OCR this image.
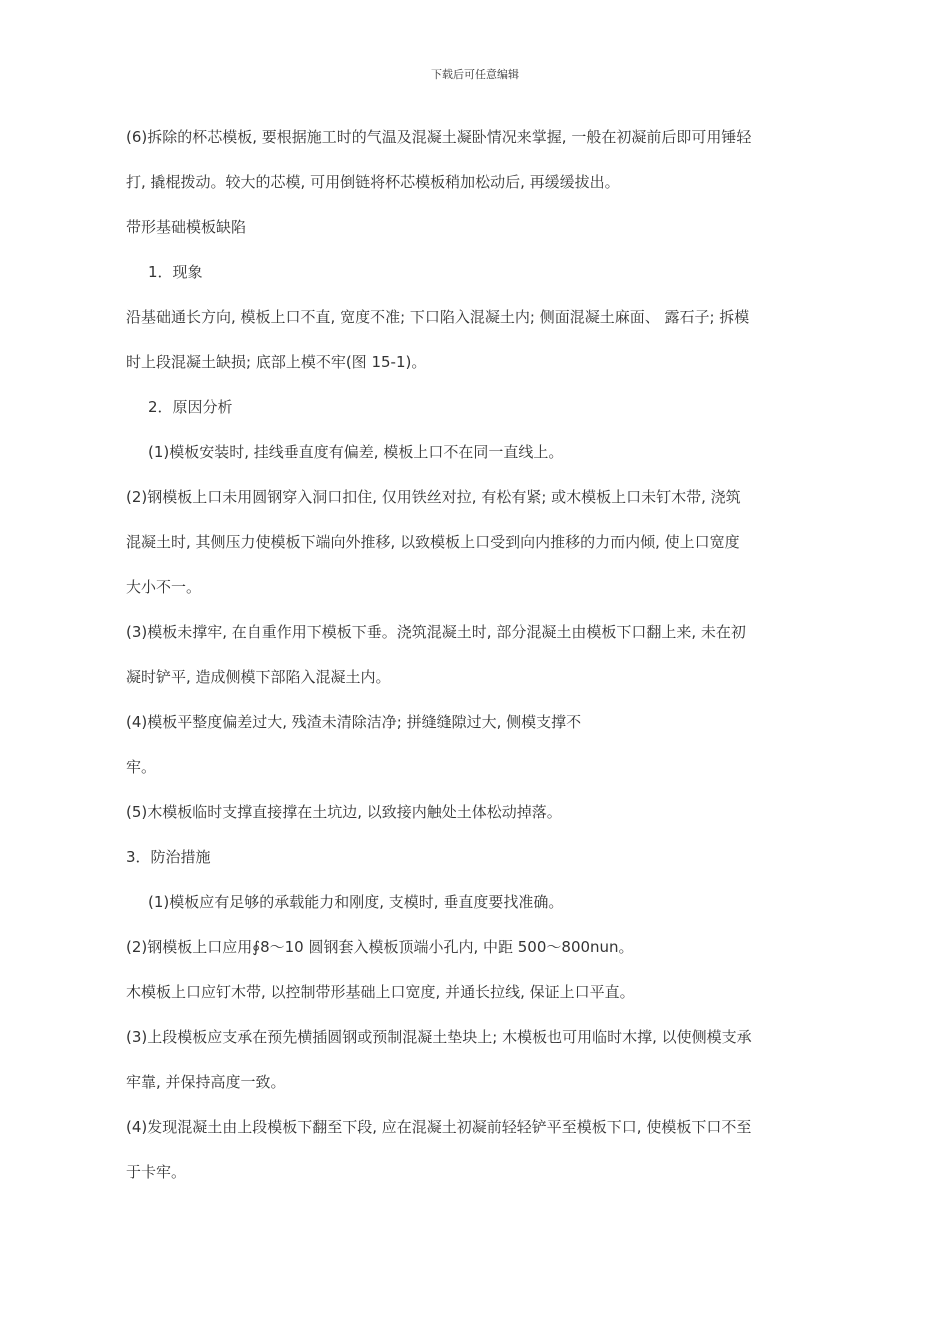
下载后可任意编辑
(6)拆除的杯芯模板, 要根据施工时的气温及混凝土凝卧情况来掌握, 一般在初凝前后即可用锤轻
打, 撬棍拨动。较大的芯模, 可用倒链将杯芯模板稍加松动后, 再缓缓拔出。
带形基础模板缺陷
1．现象
沿基础通长方向, 模板上口不直, 宽度不准; 下口陷入混凝土内; 侧面混凝土麻面、 露石子; 拆模
时上段混凝土缺损; 底部上模不牢(图 15-1)。
2．原因分析
(1)模板安装时, 挂线垂直度有偏差, 模板上口不在同一直线上。
(2)钢模板上口未用圆钢穿入洞口扣住, 仅用铁丝对拉, 有松有紧; 或木模板上口未钉木带, 浇筑
混凝土时, 其侧压力使模板下端向外推移, 以致模板上口受到向内推移的力而内倾, 使上口宽度
大小不一。
(3)模板未撑牢, 在自重作用下模板下垂。浇筑混凝土时, 部分混凝土由模板下口翻上来, 未在初
凝时铲平, 造成侧模下部陷入混凝土内。
(4)模板平整度偏差过大, 残渣未清除洁净; 拼缝缝隙过大, 侧模支撑不
牢。
(5)木模板临时支撑直接撑在土坑边, 以致接内触处土体松动掉落。
3．防治措施
(1)模板应有足够的承载能力和刚度, 支模时, 垂直度要找准确。
(2)钢模板上口应用∮8～10 圆钢套入模板顶端小孔内, 中距 500～800nun。
木模板上口应钉木带, 以控制带形基础上口宽度, 并通长拉线, 保证上口平直。
(3)上段模板应支承在预先横插圆钢或预制混凝土垫块上; 木模板也可用临时木撑, 以使侧模支承
牢靠, 并保持高度一致。
(4)发现混凝土由上段模板下翻至下段, 应在混凝土初凝前轻轻铲平至模板下口, 使模板下口不至
于卡牢。
